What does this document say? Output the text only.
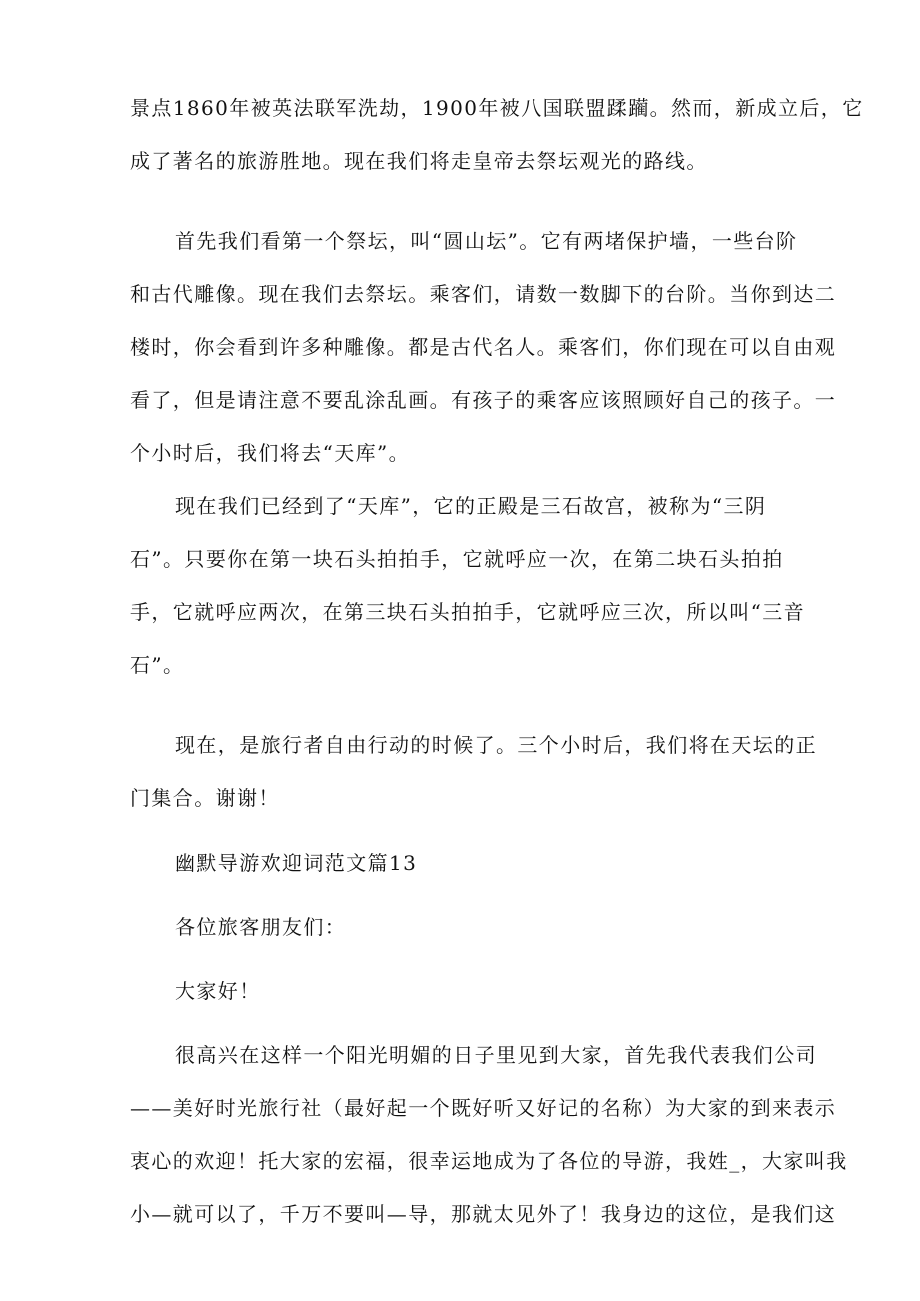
景点1860年被英法联军洗劫，1900年被八国联盟蹂躏。然而，新成立后，它

成了著名的旅游胜地。现在我们将走皇帝去祭坛观光的路线。

首先我们看第一个祭坛，叫“圆山坛”。它有两堵保护墙，一些台阶

和古代雕像。现在我们去祭坛。乘客们，请数一数脚下的台阶。当你到达二

楼时，你会看到许多种雕像。都是古代名人。乘客们，你们现在可以自由观

看了，但是请注意不要乱涂乱画。有孩子的乘客应该照顾好自己的孩子。一

个小时后，我们将去“天库”。

现在我们已经到了“天库”，它的正殿是三石故宫，被称为“三阴

石”。只要你在第一块石头拍拍手，它就呼应一次，在第二块石头拍拍

手，它就呼应两次，在第三块石头拍拍手，它就呼应三次，所以叫“三音

石”。

现在，是旅行者自由行动的时候了。三个小时后，我们将在天坛的正

门集合。谢谢！

幽默导游欢迎词范文篇13

各位旅客朋友们：

大家好！

很高兴在这样一个阳光明媚的日子里见到大家，首先我代表我们公司

——美好时光旅行社（最好起一个既好听又好记的名称）为大家的到来表示

衷心的欢迎！托大家的宏福，很幸运地成为了各位的导游，我姓_，大家叫我

小—就可以了，千万不要叫—导，那就太见外了！我身边的这位，是我们这
